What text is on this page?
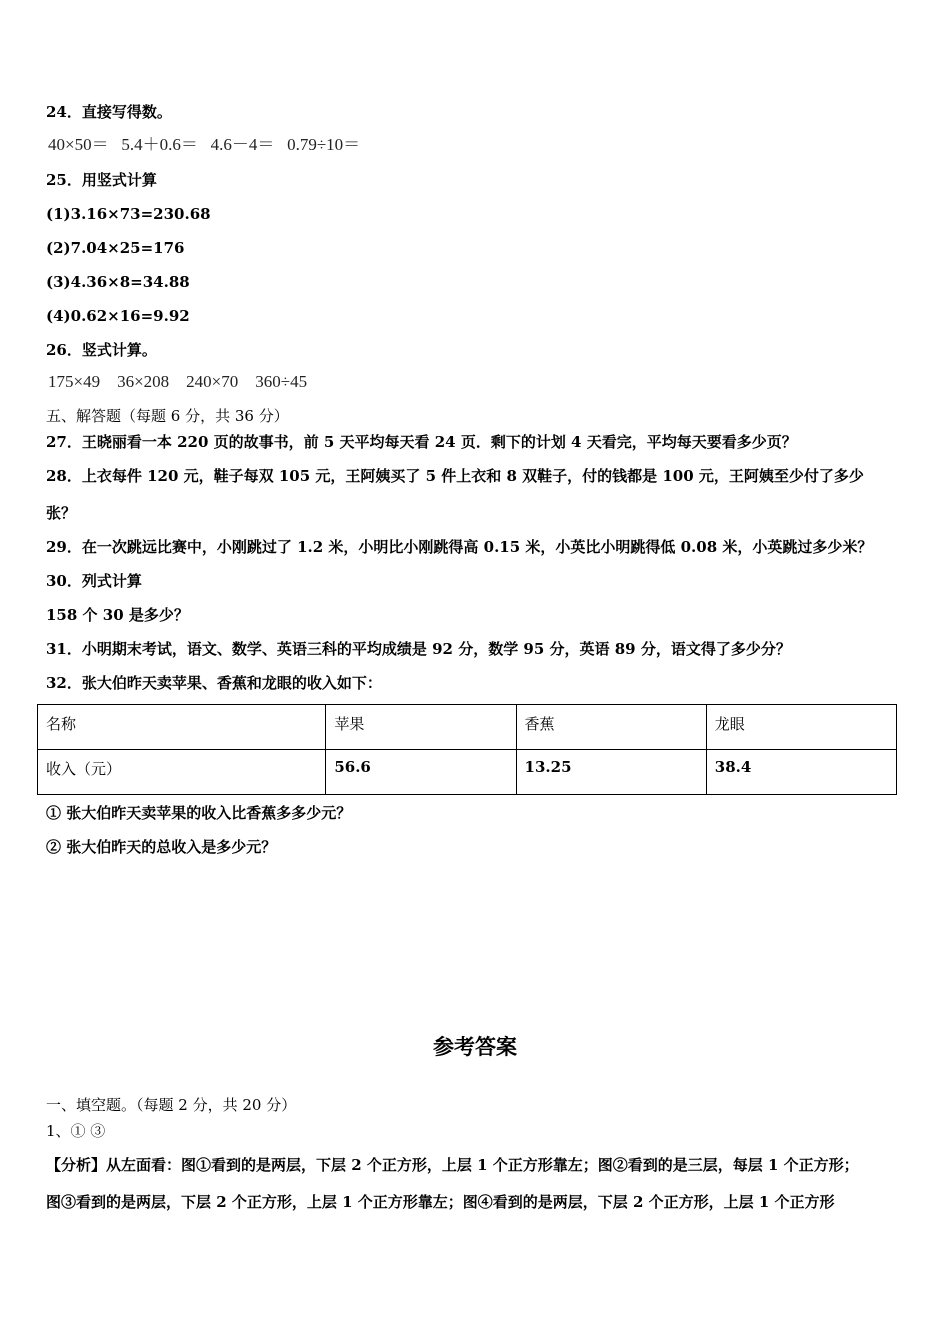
24．直接写得数。
40×50＝   5.4＋0.6＝   4.6－4＝   0.79÷10＝
25．用竖式计算
(1)3.16×73=230.68
(2)7.04×25=176
(3)4.36×8=34.88
(4)0.62×16=9.92
26．竖式计算。
175×49    36×208    240×70    360÷45
五、解答题（每题 6 分，共 36 分）
27．王晓丽看一本 220 页的故事书，前 5 天平均每天看 24 页．剩下的计划 4 天看完，平均每天要看多少页？
28．上衣每件 120 元，鞋子每双 105 元，王阿姨买了 5 件上衣和 8 双鞋子，付的钱都是 100 元，王阿姨至少付了多少
张？
29．在一次跳远比赛中，小刚跳过了 1.2 米，小明比小刚跳得高 0.15 米，小英比小明跳得低 0.08 米，小英跳过多少米？
30．列式计算
158 个 30 是多少？
31．小明期末考试，语文、数学、英语三科的平均成绩是 92 分，数学 95 分，英语 89 分，语文得了多少分？
32．张大伯昨天卖苹果、香蕉和龙眼的收入如下：
名称	苹果	香蕉	龙眼
收入（元）	56.6	13.25	38.4
① 张大伯昨天卖苹果的收入比香蕉多多少元？
② 张大伯昨天的总收入是多少元？
参考答案
一、填空题。（每题 2 分，共 20 分）
1、① ③
【分析】从左面看：图①看到的是两层，下层 2 个正方形，上层 1 个正方形靠左；图②看到的是三层，每层 1 个正方形；
图③看到的是两层，下层 2 个正方形，上层 1 个正方形靠左；图④看到的是两层，下层 2 个正方形，上层 1 个正方形
